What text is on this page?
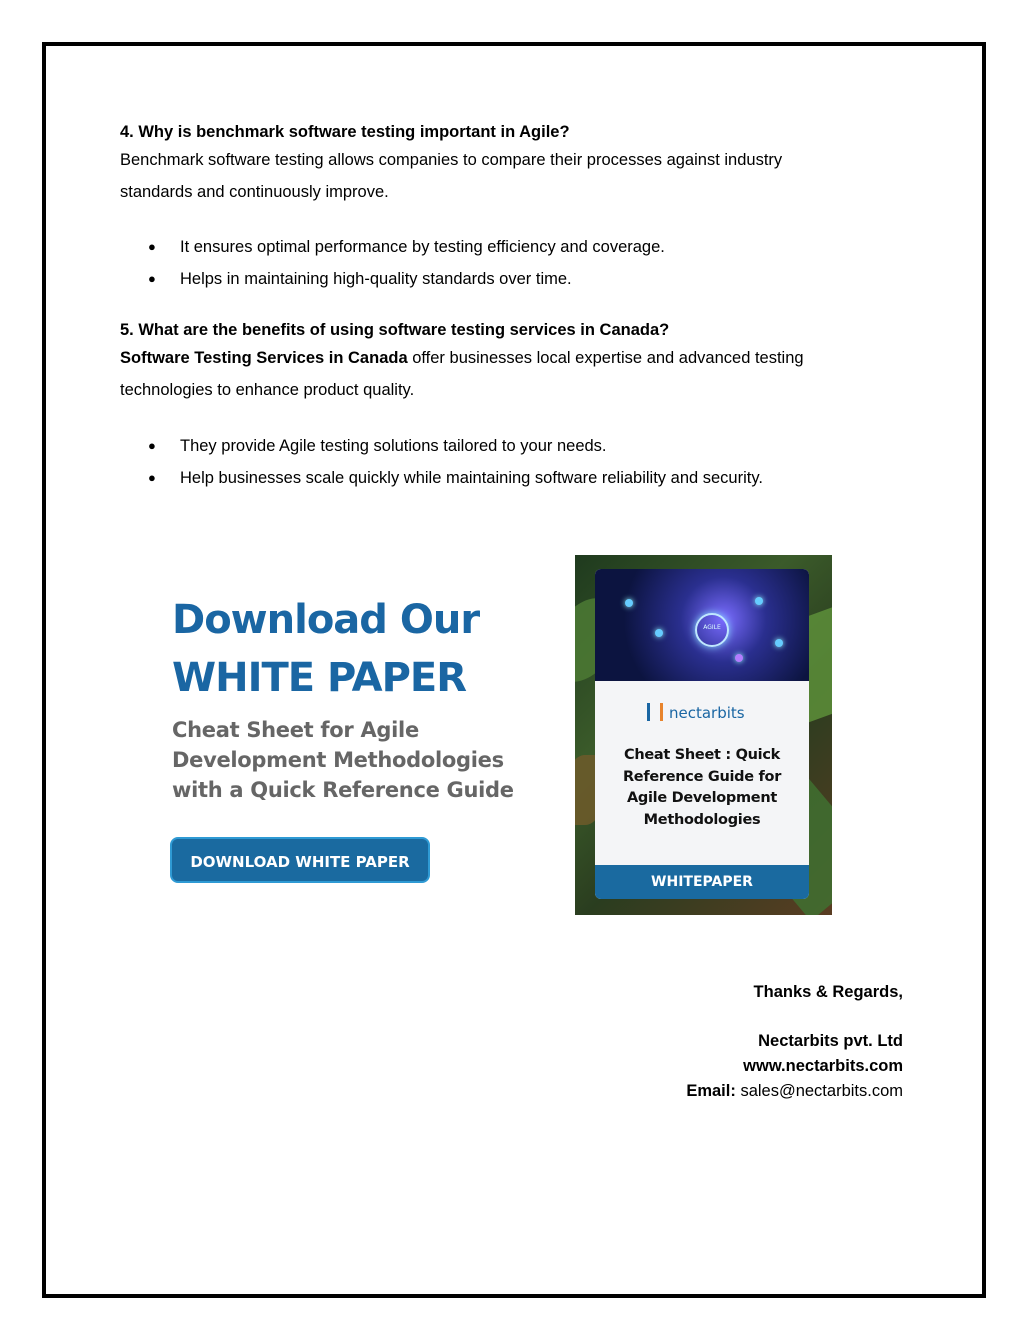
4. Why is benchmark software testing important in Agile?

Benchmark software testing allows companies to compare their processes against industry
standards and continuously improve.

● It ensures optimal performance by testing efficiency and coverage.
● Helps in maintaining high-quality standards over time.
5. What are the benefits of using software testing services in Canada?

Software Testing Services in Canada offer businesses local expertise and advanced testing
technologies to enhance product quality.

● They provide Agile testing solutions tailored to your needs.
● Help businesses scale quickly while maintaining software reliability and security.
Download Our
WHITE PAPER
Cheat Sheet for Agile
Development Methodologies
with a Quick Reference Guide
DOWNLOAD WHITE PAPER
AGILE
nectarbits
Cheat Sheet : Quick
Reference Guide for
Agile Development
Methodologies
WHITEPAPER
Thanks & Regards,
Nectarbits pvt. Ltd
www.nectarbits.com
Email: sales@nectarbits.com
